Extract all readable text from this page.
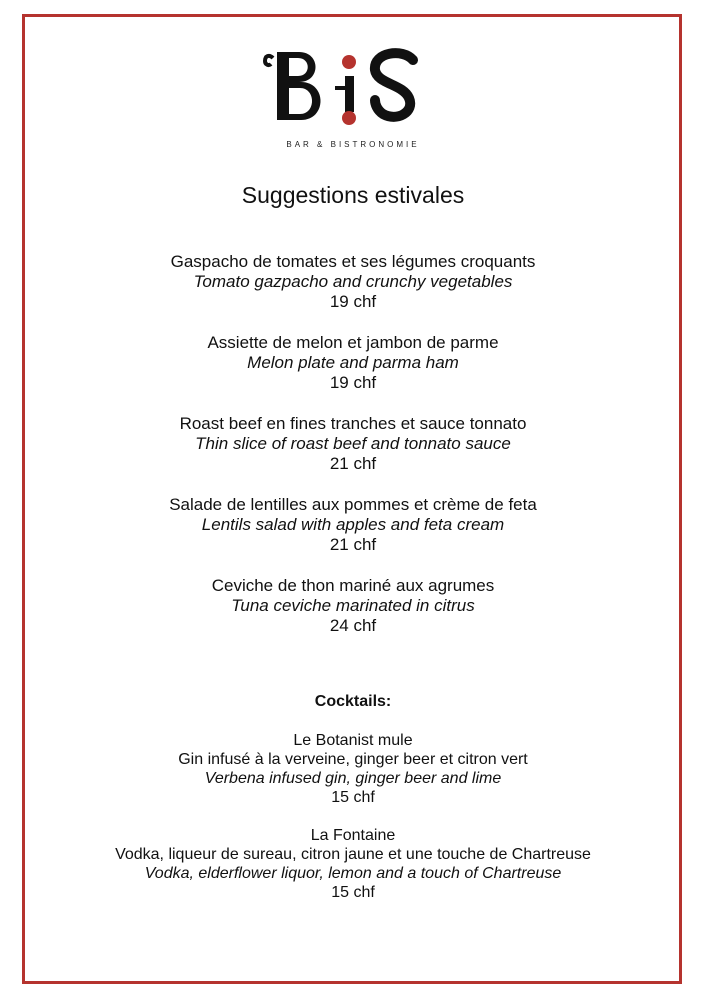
BAR & BISTRONOMIE
Suggestions estivales
Gaspacho de tomates et ses légumes croquants
Tomato gazpacho and crunchy vegetables
19 chf
Assiette de melon et jambon de parme
Melon plate and parma ham
19 chf
Roast beef en fines tranches et sauce tonnato
Thin slice of roast beef and tonnato sauce
21 chf
Salade de lentilles aux pommes et crème de feta
Lentils salad with apples and feta cream
21 chf
Ceviche de thon mariné aux agrumes
Tuna ceviche marinated in citrus
24 chf
Cocktails:
Le Botanist mule
Gin infusé à la verveine, ginger beer et citron vert
Verbena infused gin, ginger beer and lime
15 chf
La Fontaine
Vodka, liqueur de sureau, citron jaune et une touche de Chartreuse
Vodka, elderflower liquor, lemon and a touch of Chartreuse
15 chf
